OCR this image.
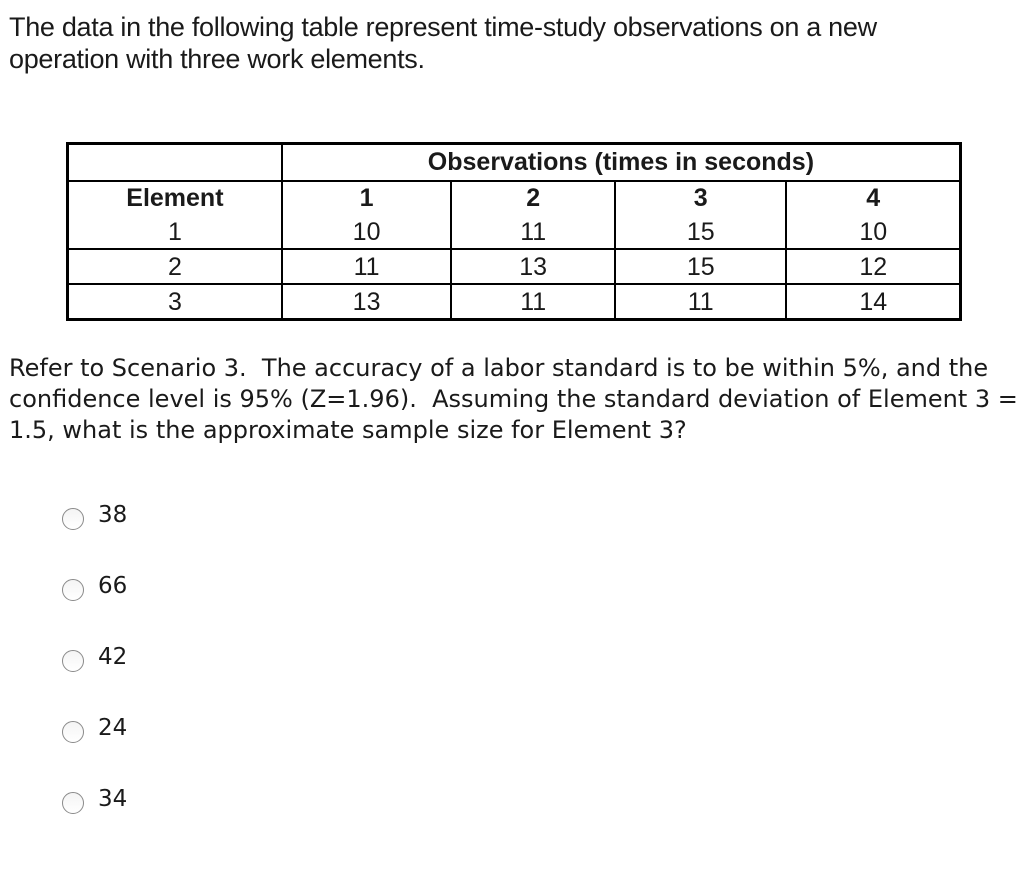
The data in the following table represent time-study observations on a new
operation with three work elements.
	Observations (times in seconds)			
Element	1	2	3	4
1	10	11	15	10
2	11	13	15	12
3	13	11	11	14
Refer to Scenario 3.  The accuracy of a labor standard is to be within 5%, and the
confidence level is 95% (Z=1.96).  Assuming the standard deviation of Element 3 =
1.5, what is the approximate sample size for Element 3?
38
66
42
24
34
